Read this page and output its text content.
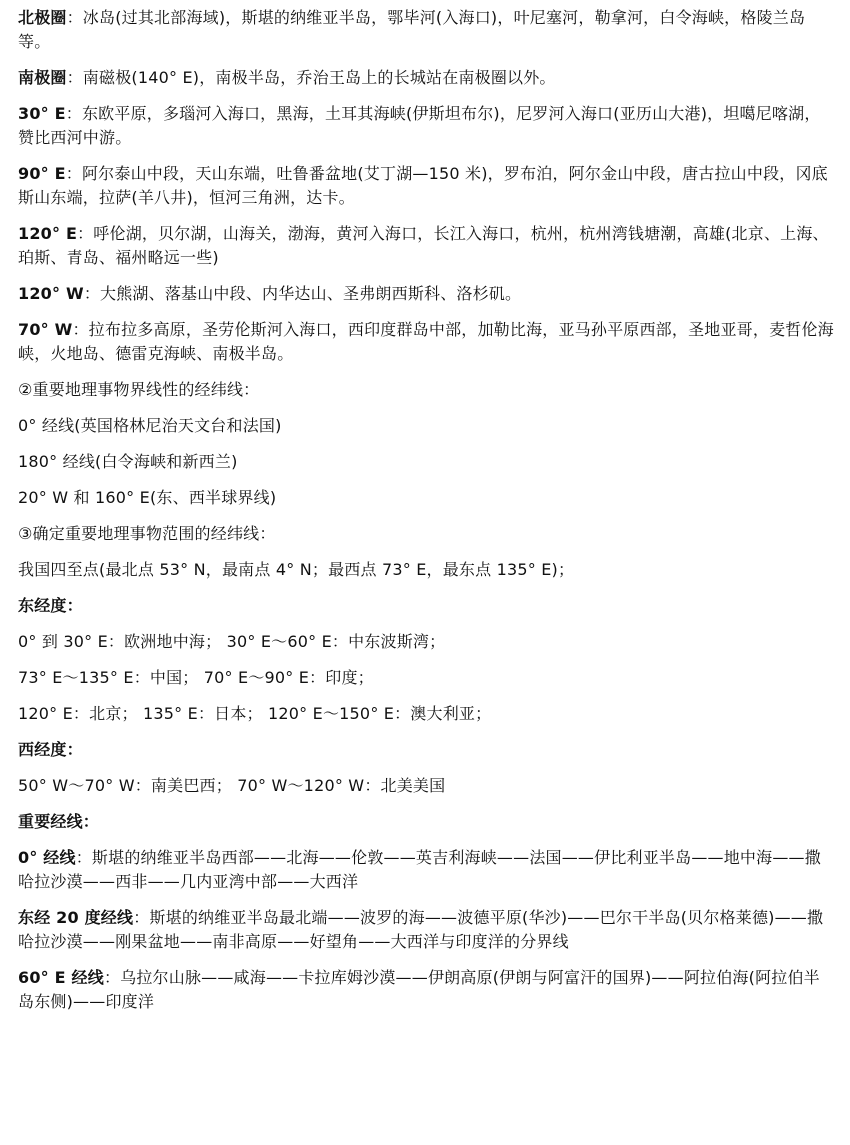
北极圈：冰岛(过其北部海域)，斯堪的纳维亚半岛，鄂毕河(入海口)，叶尼塞河，勒拿河，白令海峡，格陵兰岛等。

南极圈：南磁极(140° E)，南极半岛，乔治王岛上的长城站在南极圈以外。

30° E：东欧平原，多瑙河入海口，黑海，土耳其海峡(伊斯坦布尔)，尼罗河入海口(亚历山大港)，坦噶尼喀湖，赞比西河中游。

90° E：阿尔泰山中段，天山东端，吐鲁番盆地(艾丁湖—150 米)，罗布泊，阿尔金山中段，唐古拉山中段，冈底斯山东端，拉萨(羊八井)，恒河三角洲，达卡。

120° E：呼伦湖，贝尔湖，山海关，渤海，黄河入海口，长江入海口，杭州，杭州湾钱塘潮，高雄(北京、上海、珀斯、青岛、福州略远一些)

120° W：大熊湖、落基山中段、内华达山、圣弗朗西斯科、洛杉矶。

70° W：拉布拉多高原，圣劳伦斯河入海口，西印度群岛中部，加勒比海，亚马孙平原西部，圣地亚哥，麦哲伦海峡，火地岛、德雷克海峡、南极半岛。

②重要地理事物界线性的经纬线：

0° 经线(英国格林尼治天文台和法国)

180° 经线(白令海峡和新西兰)

20° W 和 160° E(东、西半球界线)

③确定重要地理事物范围的经纬线：

我国四至点(最北点 53° N，最南点 4° N；最西点 73° E，最东点 135° E)；

东经度：

0° 到 30° E：欧洲地中海； 30° E～60° E：中东波斯湾；

73° E～135° E：中国； 70° E～90° E：印度；

120° E：北京； 135° E：日本； 120° E～150° E：澳大利亚；

西经度：

50° W～70° W：南美巴西； 70° W～120° W：北美美国

重要经线：

0° 经线：斯堪的纳维亚半岛西部——北海——伦敦——英吉利海峡——法国——伊比利亚半岛——地中海——撒哈拉沙漠——西非——几内亚湾中部——大西洋

东经 20 度经线：斯堪的纳维亚半岛最北端——波罗的海——波德平原(华沙)——巴尔干半岛(贝尔格莱德)——撒哈拉沙漠——刚果盆地——南非高原——好望角——大西洋与印度洋的分界线

60° E 经线：乌拉尔山脉——咸海——卡拉库姆沙漠——伊朗高原(伊朗与阿富汗的国界)——阿拉伯海(阿拉伯半岛东侧)——印度洋
